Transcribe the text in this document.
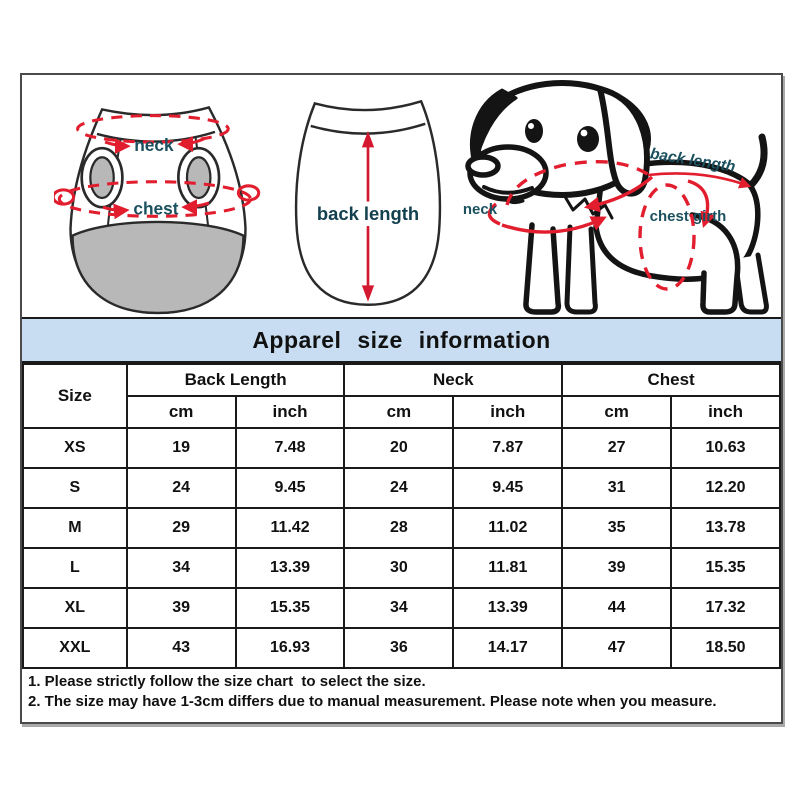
neck
chest	back length	neck
back length
chest girth
Apparel size information
Size	Back Length		Neck		Chest	
	cm	inch	cm	inch	cm	inch
XS	19	7.48	20	7.87	27	10.63
S	24	9.45	24	9.45	31	12.20
M	29	11.42	28	11.02	35	13.78
L	34	13.39	30	11.81	39	15.35
XL	39	15.35	34	13.39	44	17.32
XXL	43	16.93	36	14.17	47	18.50
1. Please strictly follow the size chart  to select the size.
2. The size may have 1-3cm differs due to manual measurement. Please note when you measure.
